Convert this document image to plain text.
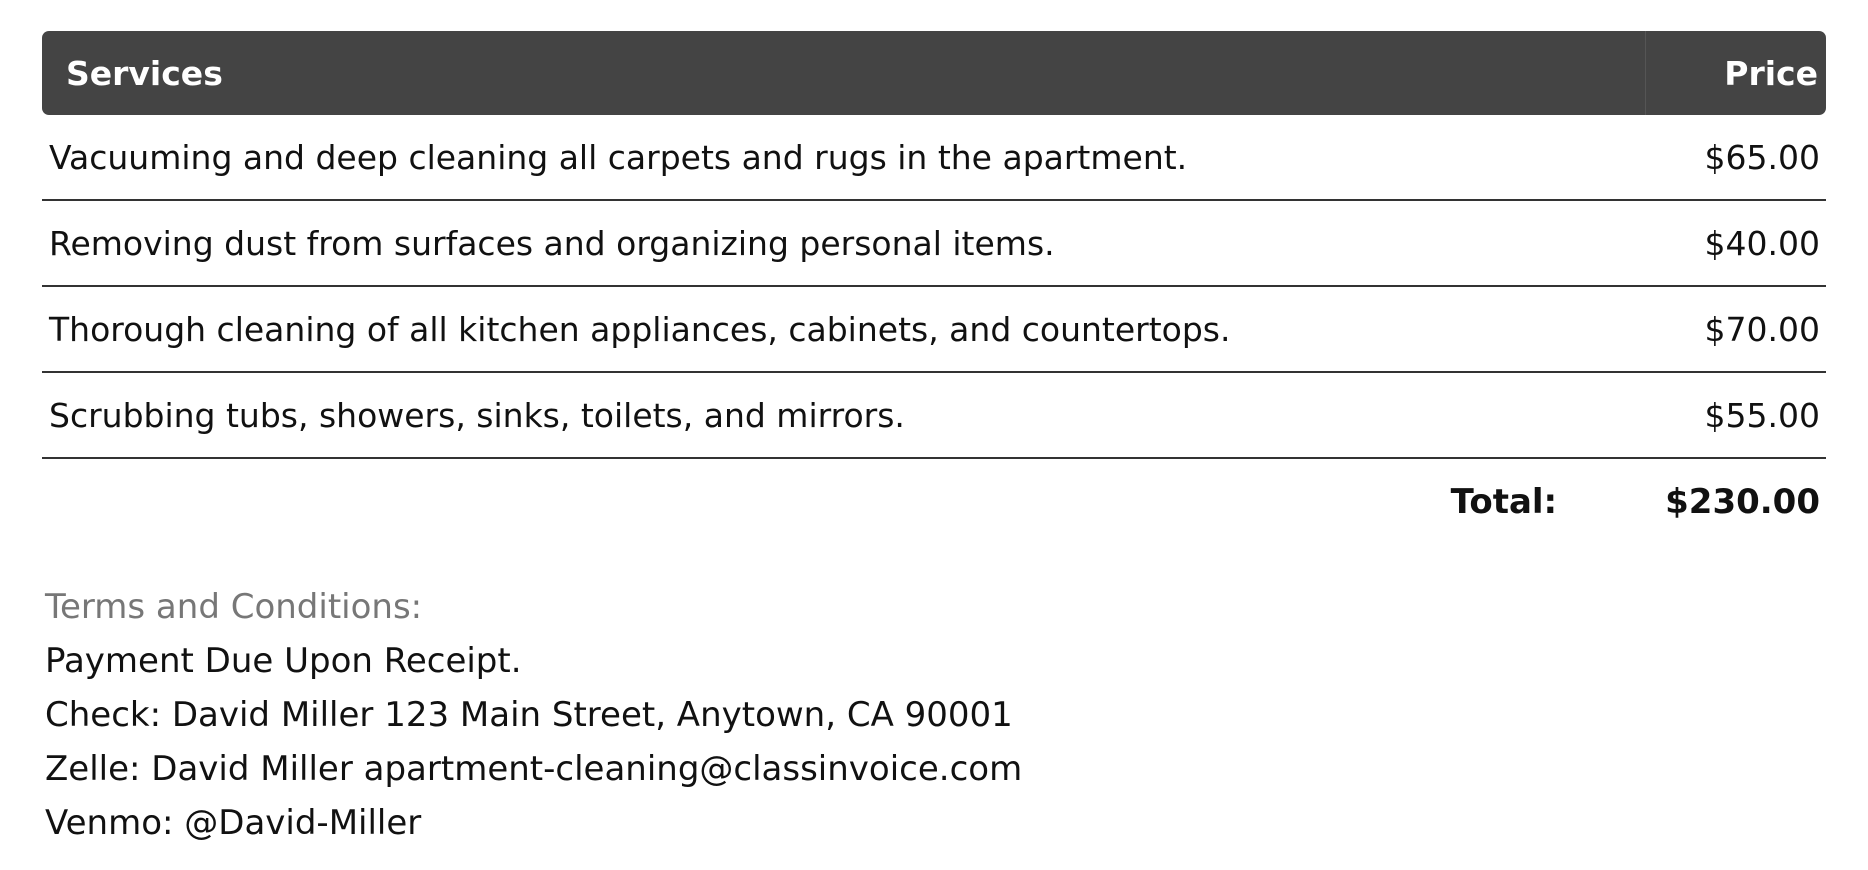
Services	Price
Vacuuming and deep cleaning all carpets and rugs in the apartment.	$65.00
Removing dust from surfaces and organizing personal items.	$40.00
Thorough cleaning of all kitchen appliances, cabinets, and countertops.	$70.00
Scrubbing tubs, showers, sinks, toilets, and mirrors.	$55.00
Total:	$230.00
Terms and Conditions:
Payment Due Upon Receipt.
Check: David Miller 123 Main Street, Anytown, CA 90001
Zelle: David Miller apartment-cleaning@classinvoice.com
Venmo: @David-Miller
